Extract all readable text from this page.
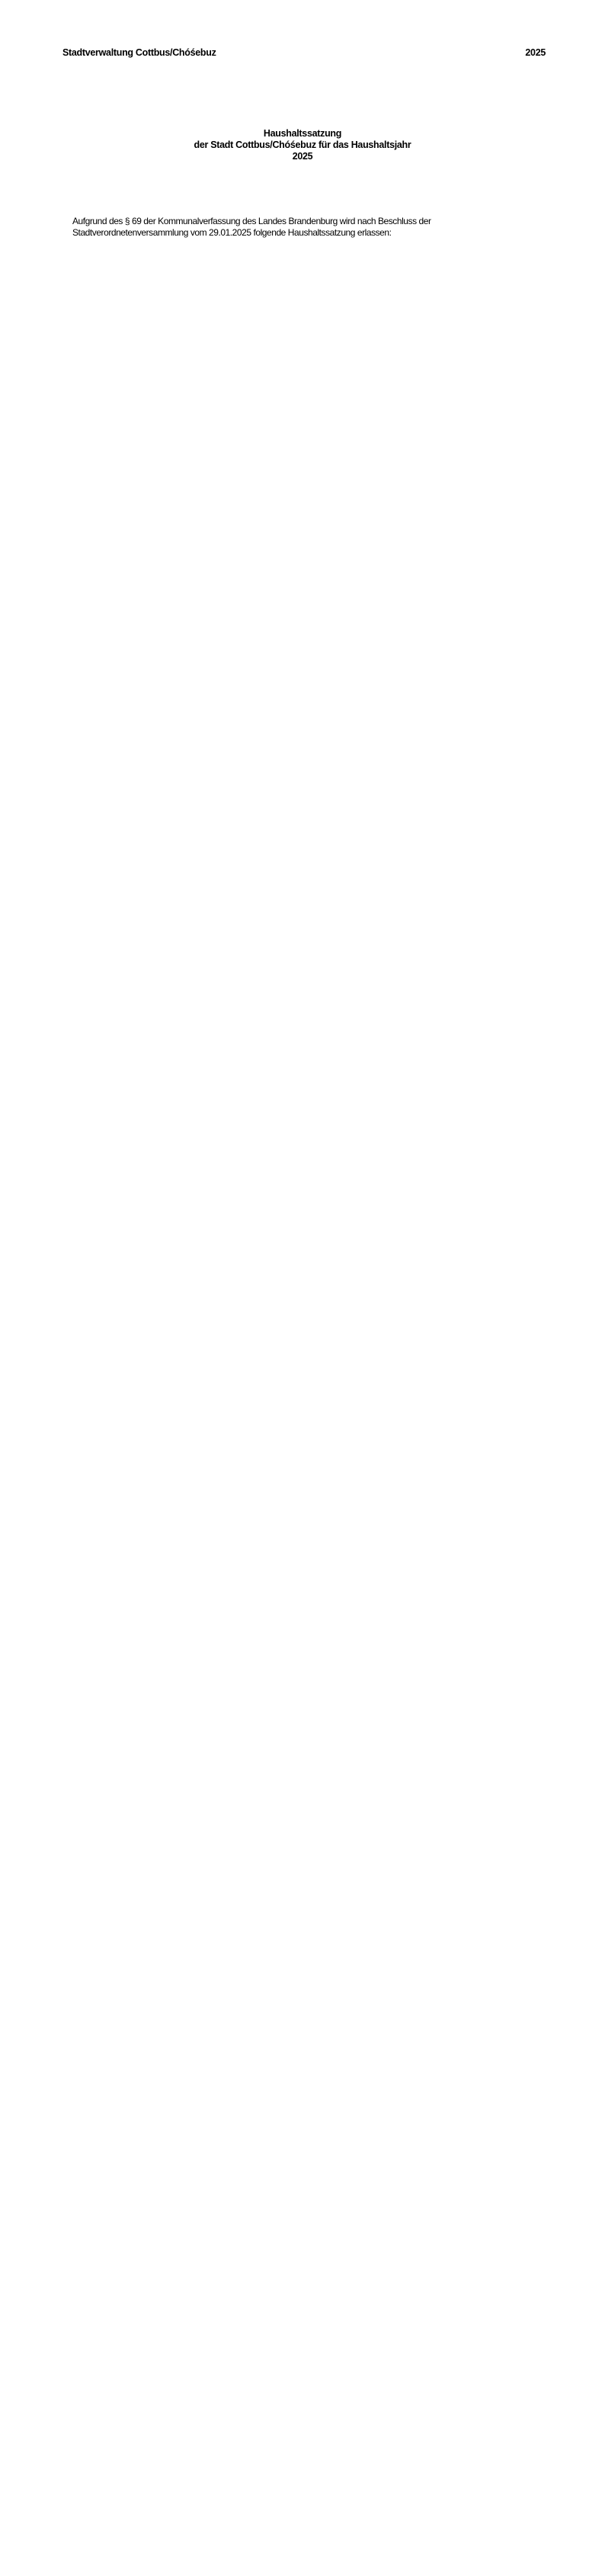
Stadtverwaltung Cottbus/Chóśebuz	2025
Haushaltssatzung
der Stadt Cottbus/Chóśebuz für das Haushaltsjahr
2025
Aufgrund des § 69 der Kommunalverfassung des Landes Brandenburg wird nach Beschluss der
Stadtverordnetenversammlung vom 29.01.2025 folgende Haushaltssatzung erlassen:
